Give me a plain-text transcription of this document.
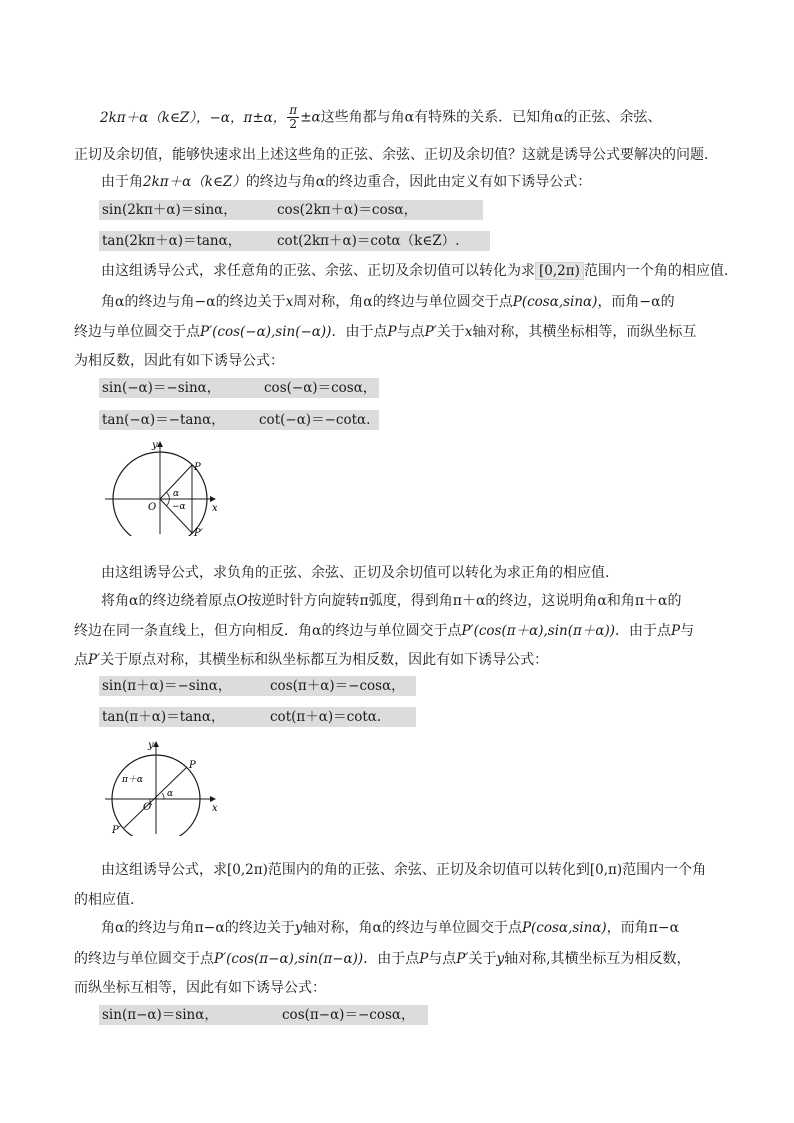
2kπ＋α（k∈Z），−α，π±α， $\frac{\pi}{2} \pm\alpha$这些角都与角α有特殊的关系．已知角α的正弦、余弦、
正切及余切值，能够快速求出上述这些角的正弦、余弦、正切及余切值？这就是诱导公式要解决的问题．
由于角2kπ＋α（k∈Z）的终边与角α的终边重合，因此由定义有如下诱导公式：
sin(2kπ＋α)＝sinα，	cos(2kπ＋α)＝cosα，
tan(2kπ＋α)＝tanα，	cot(2kπ＋α)＝cotα（k∈Z）.
由这组诱导公式，求任意角的正弦、余弦、正切及余切值可以转化为求 [0,2π) 范围内一个角的相应值.
角α的终边与角−α的终边关于x周对称，角α的终边与单位圆交于点P(cosα,sinα)，而角−α的
终边与单位圆交于点P′(cos(−α),sin(−α))．由于点P与点P′关于x轴对称，其横坐标相等，而纵坐标互
为相反数，因此有如下诱导公式：
sin(−α)＝−sinα，	cos(−α)＝cosα，
tan(−α)＝−tanα，	cot(−α)＝−cotα.
y
x
O
P
P′
α
−α
由这组诱导公式，求负角的正弦、余弦、正切及余切值可以转化为求正角的相应值.
将角α的终边绕着原点O按逆时针方向旋转π弧度，得到角π＋α的终边，这说明角α和角π＋α的
终边在同一条直线上，但方向相反．角α的终边与单位圆交于点P′(cos(π＋α),sin(π＋α))．由于点P与
点P′关于原点对称，其横坐标和纵坐标都互为相反数，因此有如下诱导公式：
sin(π＋α)＝−sinα，	cos(π＋α)＝−cosα，
tan(π＋α)＝tanα，	cot(π＋α)＝cotα.
y
x
O
P
P′
α
π＋α
由这组诱导公式，求[0,2π)范围内的角的正弦、余弦、正切及余切值可以转化到[0,π)范围内一个角
的相应值.
角α的终边与角π−α的终边关于y轴对称，角α的终边与单位圆交于点P(cosα,sinα)，而角π−α
的终边与单位圆交于点P′(cos(π−α),sin(π−α))．由于点P与点P′关于y轴对称,其横坐标互为相反数，
而纵坐标互相等，因此有如下诱导公式：
sin(π−α)＝sinα，	cos(π−α)＝−cosα，
